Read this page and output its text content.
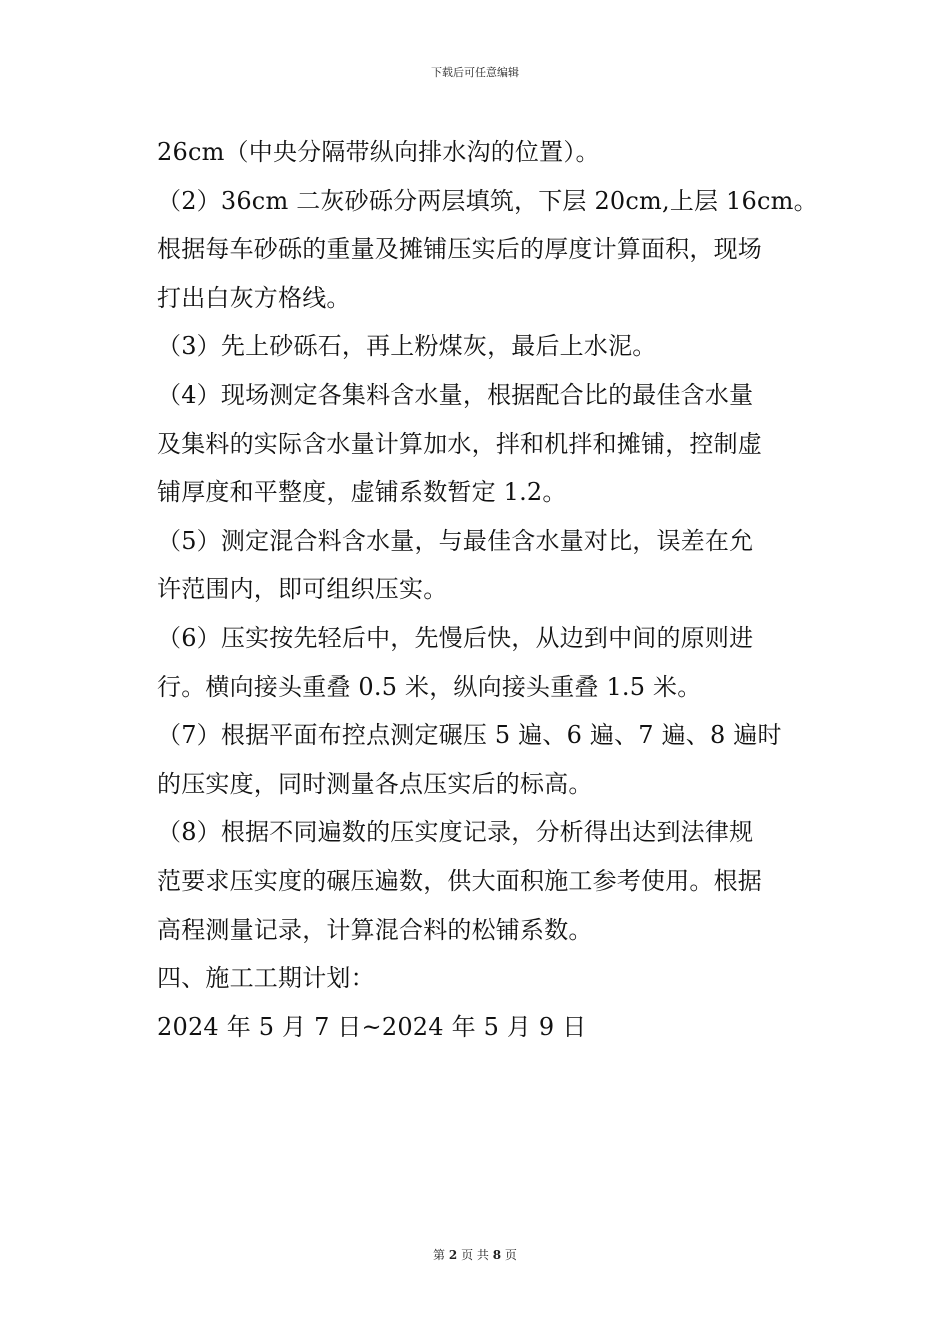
下载后可任意编辑
26cm（中央分隔带纵向排水沟的位置）。
（2）36cm 二灰砂砾分两层填筑，下层 20cm,上层 16cm。
根据每车砂砾的重量及摊铺压实后的厚度计算面积，现场
打出白灰方格线。
（3）先上砂砾石，再上粉煤灰，最后上水泥。
（4）现场测定各集料含水量，根据配合比的最佳含水量
及集料的实际含水量计算加水，拌和机拌和摊铺，控制虚
铺厚度和平整度，虚铺系数暂定 1.2。
（5）测定混合料含水量，与最佳含水量对比，误差在允
许范围内，即可组织压实。
（6）压实按先轻后中，先慢后快，从边到中间的原则进
行。横向接头重叠 0.5 米，纵向接头重叠 1.5 米。
（7）根据平面布控点测定碾压 5 遍、6 遍、7 遍、8 遍时
的压实度，同时测量各点压实后的标高。
（8）根据不同遍数的压实度记录，分析得出达到法律规
范要求压实度的碾压遍数，供大面积施工参考使用。根据
高程测量记录，计算混合料的松铺系数。
四、施工工期计划：
2024 年 5 月 7 日~2024 年 5 月 9 日
第 2 页 共 8 页
